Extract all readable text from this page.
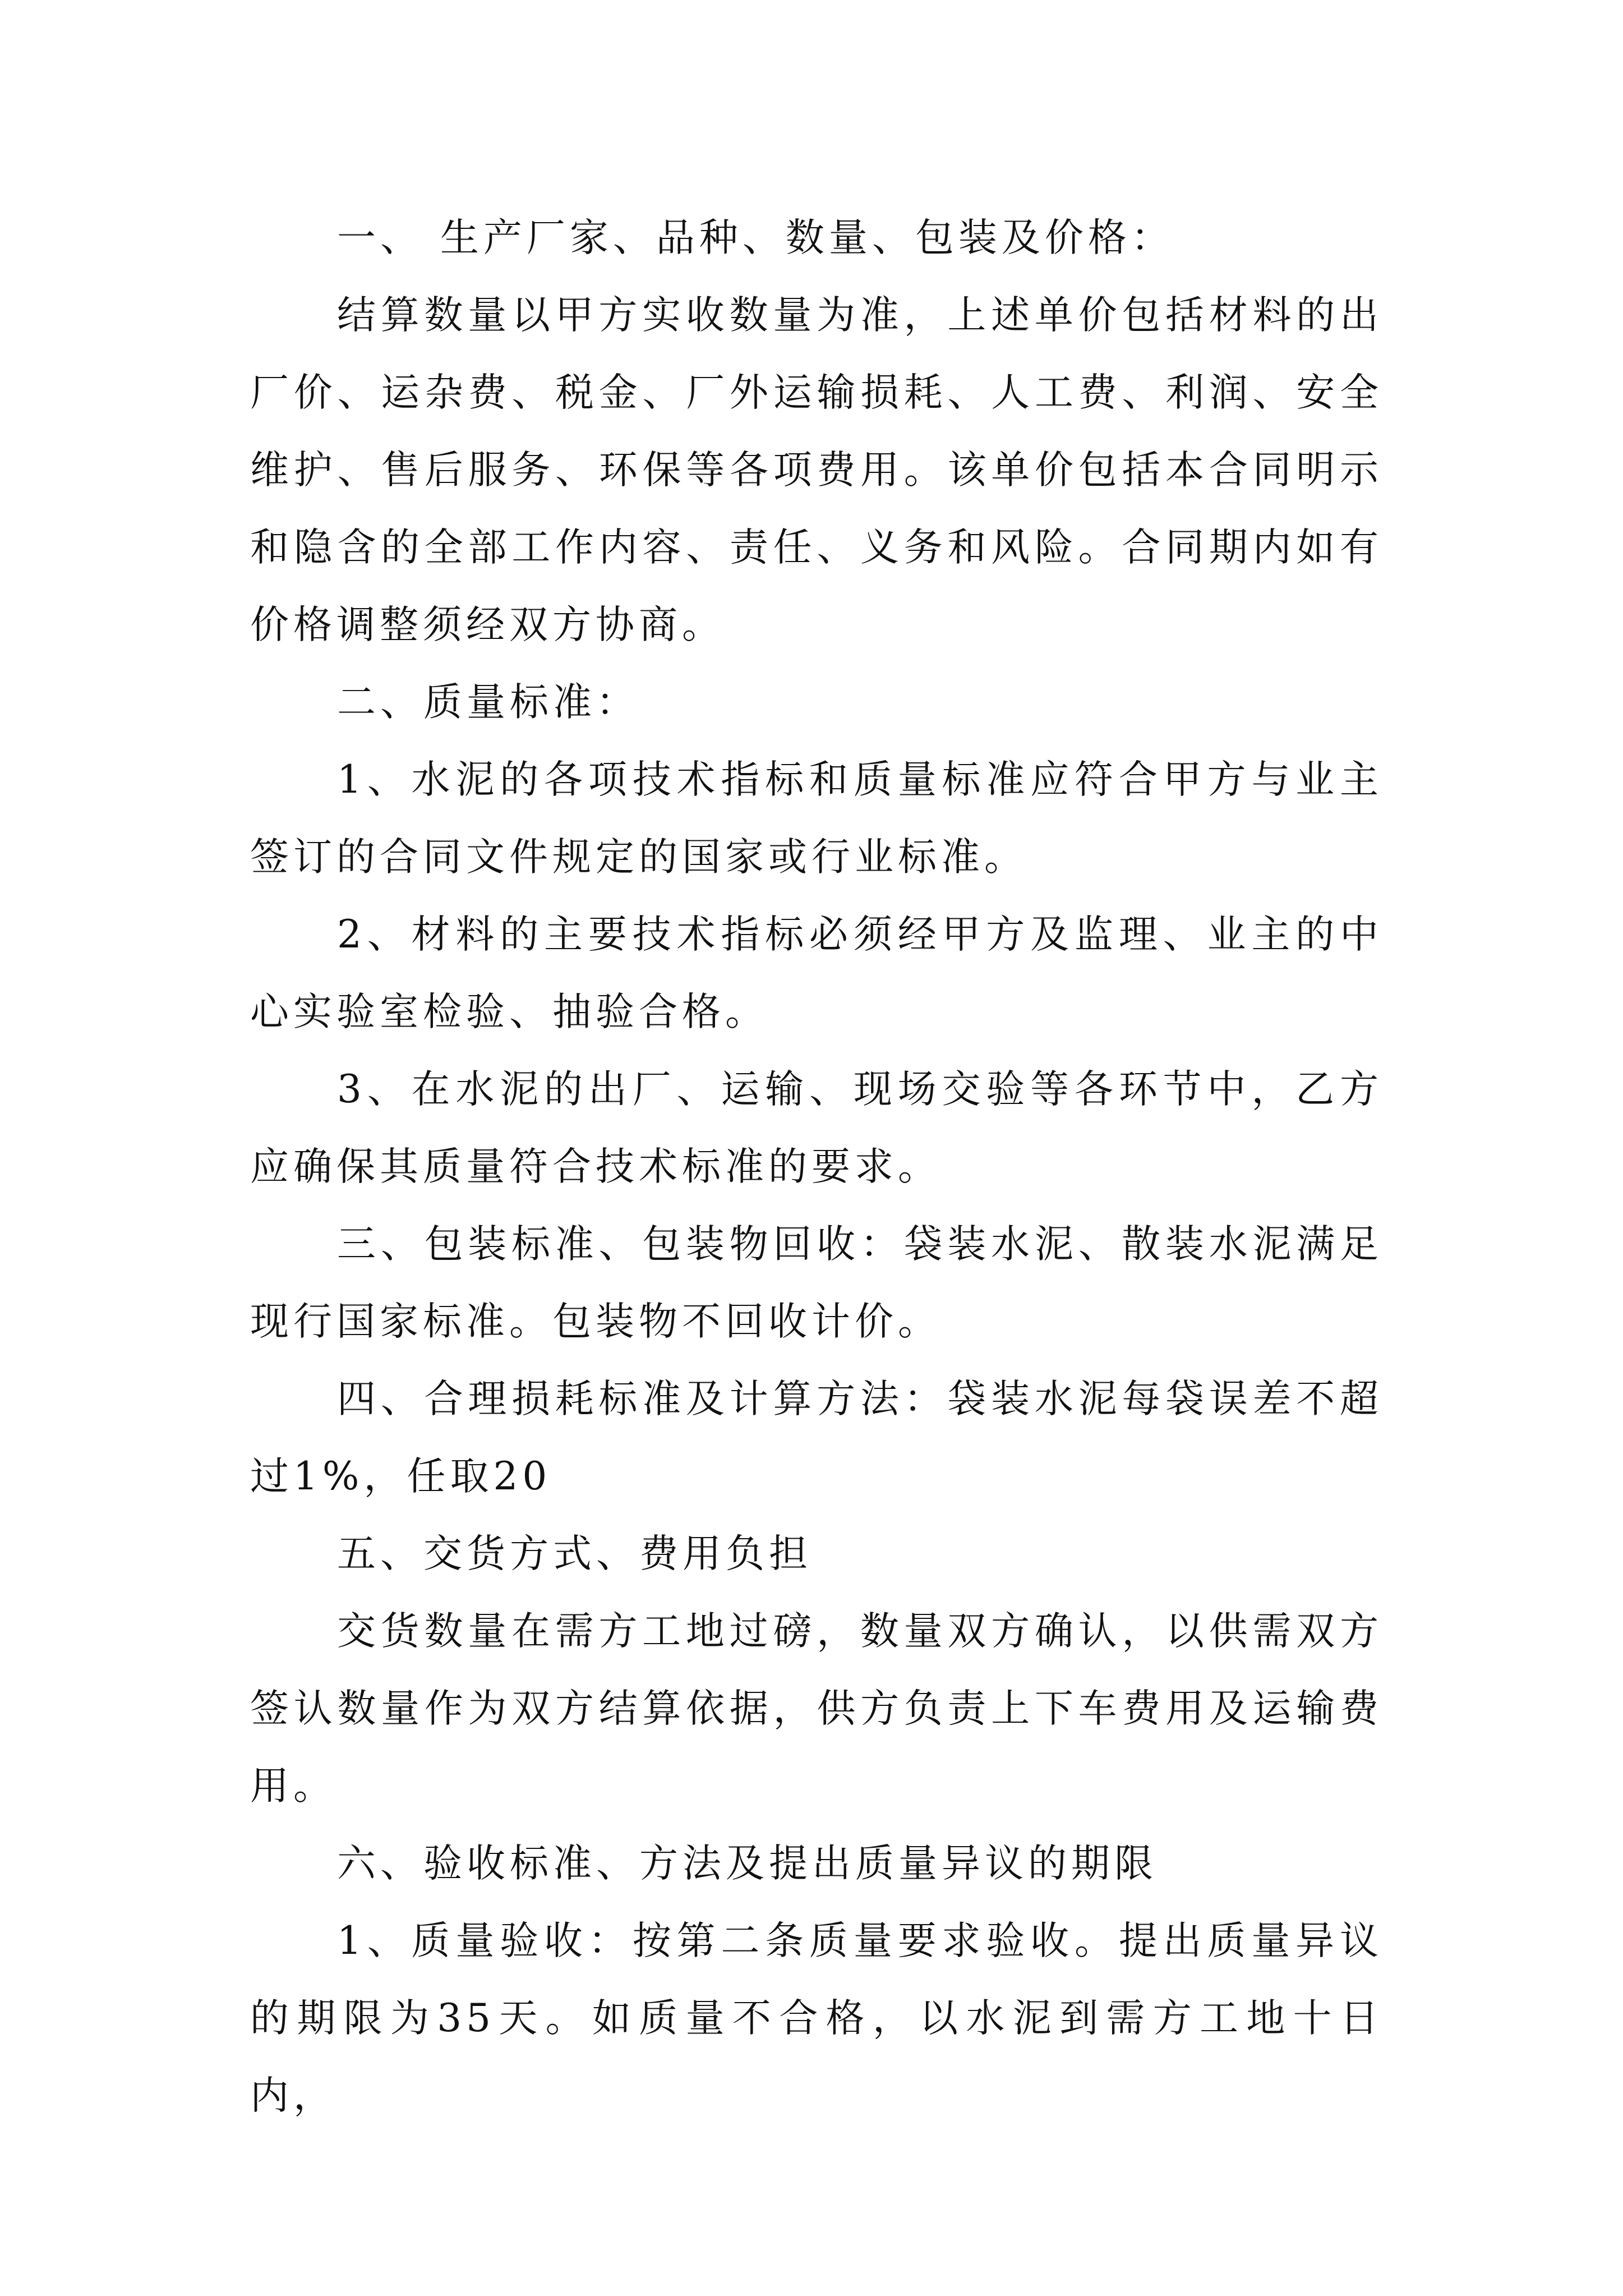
一、 生产厂家、品种、数量、包装及价格：

结算数量以甲方实收数量为准，上述单价包括材料的出厂价、运杂费、税金、厂外运输损耗、人工费、利润、安全维护、售后服务、环保等各项费用。该单价包括本合同明示和隐含的全部工作内容、责任、义务和风险。合同期内如有价格调整须经双方协商。

二、质量标准：

1、水泥的各项技术指标和质量标准应符合甲方与业主签订的合同文件规定的国家或行业标准。

2、材料的主要技术指标必须经甲方及监理、业主的中心实验室检验、抽验合格。

3、在水泥的出厂、运输、现场交验等各环节中，乙方应确保其质量符合技术标准的要求。

三、包装标准、包装物回收：袋装水泥、散装水泥满足现行国家标准。包装物不回收计价。

四、合理损耗标准及计算方法：袋装水泥每袋误差不超过1%，任取20

五、交货方式、费用负担

交货数量在需方工地过磅，数量双方确认，以供需双方签认数量作为双方结算依据，供方负责上下车费用及运输费用。

六、验收标准、方法及提出质量异议的期限

1、质量验收：按第二条质量要求验收。提出质量异议的期限为35天。如质量不合格，以水泥到需方工地十日内，
